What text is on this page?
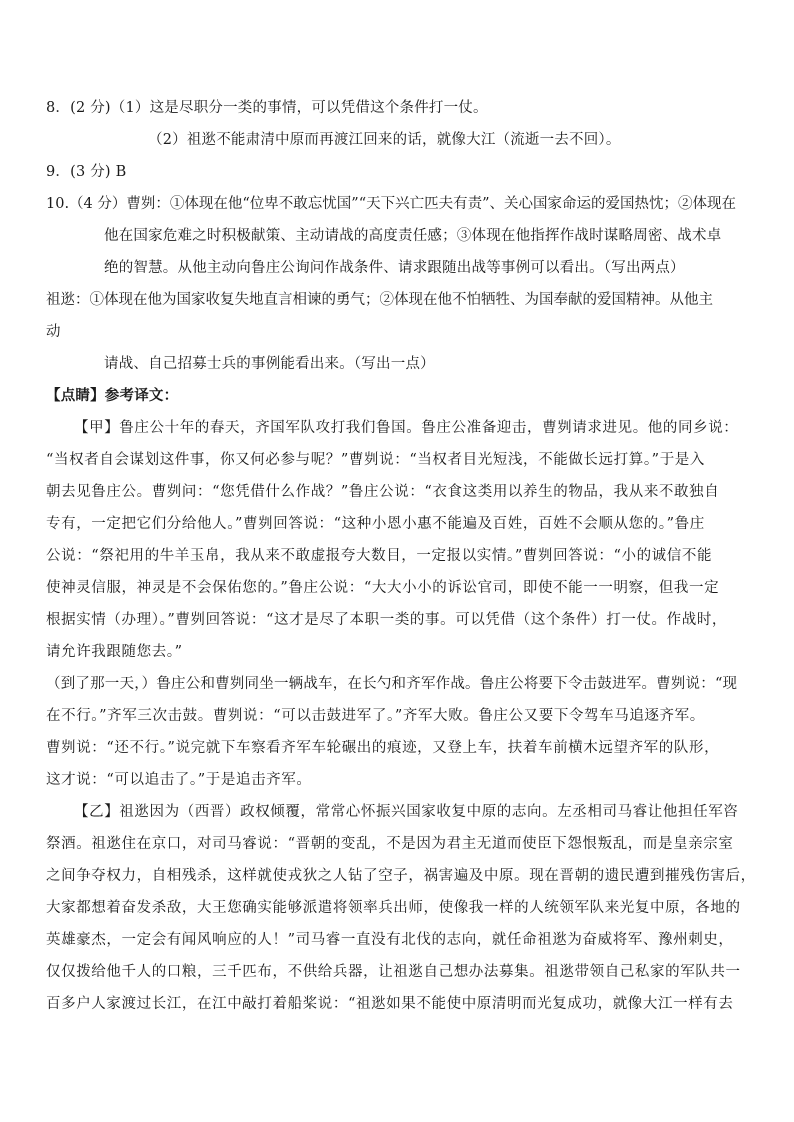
8．(2 分)（1）这是尽职分一类的事情，可以凭借这个条件打一仗。
（2）祖逖不能肃清中原而再渡江回来的话，就像大江（流逝一去不回）。
9．(3 分) B
10.（4 分）曹刿：①体现在他“位卑不敢忘忧国”“天下兴亡匹夫有责”、关心国家命运的爱国热忱；②体现在
他在国家危难之时积极献策、主动请战的高度责任感；③体现在他指挥作战时谋略周密、战术卓
绝的智慧。从他主动向鲁庄公询问作战条件、请求跟随出战等事例可以看出。（写出两点）
祖逖：①体现在他为国家收复失地直言相谏的勇气；②体现在他不怕牺牲、为国奉献的爱国精神。从他主
动
请战、自己招募士兵的事例能看出来。（写出一点）
【点睛】参考译文：
【甲】鲁庄公十年的春天，齐国军队攻打我们鲁国。鲁庄公准备迎击，曹刿请求进见。他的同乡说：
“当权者自会谋划这件事，你又何必参与呢？”曹刿说：“当权者目光短浅，不能做长远打算。”于是入
朝去见鲁庄公。曹刿问：“您凭借什么作战？”鲁庄公说：“衣食这类用以养生的物品，我从来不敢独自
专有，一定把它们分给他人。”曹刿回答说：“这种小恩小惠不能遍及百姓，百姓不会顺从您的。”鲁庄
公说：“祭祀用的牛羊玉帛，我从来不敢虚报夸大数目，一定报以实情。”曹刿回答说：“小的诚信不能
使神灵信服，神灵是不会保佑您的。”鲁庄公说：“大大小小的诉讼官司，即使不能一一明察，但我一定
根据实情（办理）。”曹刿回答说：“这才是尽了本职一类的事。可以凭借（这个条件）打一仗。作战时，
请允许我跟随您去。”
（到了那一天，）鲁庄公和曹刿同坐一辆战车，在长勺和齐军作战。鲁庄公将要下令击鼓进军。曹刿说：“现
在不行。”齐军三次击鼓。曹刿说：“可以击鼓进军了。”齐军大败。鲁庄公又要下令驾车马追逐齐军。
曹刿说：“还不行。”说完就下车察看齐军车轮碾出的痕迹，又登上车，扶着车前横木远望齐军的队形，
这才说：“可以追击了。”于是追击齐军。
【乙】祖逖因为（西晋）政权倾覆，常常心怀振兴国家收复中原的志向。左丞相司马睿让他担任军咨
祭酒。祖逖住在京口，对司马睿说：“晋朝的变乱，不是因为君主无道而使臣下怨恨叛乱，而是皇亲宗室
之间争夺权力，自相残杀，这样就使戎狄之人钻了空子，祸害遍及中原。现在晋朝的遗民遭到摧残伤害后，
大家都想着奋发杀敌，大王您确实能够派遣将领率兵出师，使像我一样的人统领军队来光复中原，各地的
英雄豪杰，一定会有闻风响应的人！”司马睿一直没有北伐的志向，就任命祖逖为奋威将军、豫州刺史，
仅仅拨给他千人的口粮，三千匹布，不供给兵器，让祖逖自己想办法募集。祖逖带领自己私家的军队共一
百多户人家渡过长江，在江中敲打着船桨说：“祖逖如果不能使中原清明而光复成功，就像大江一样有去
